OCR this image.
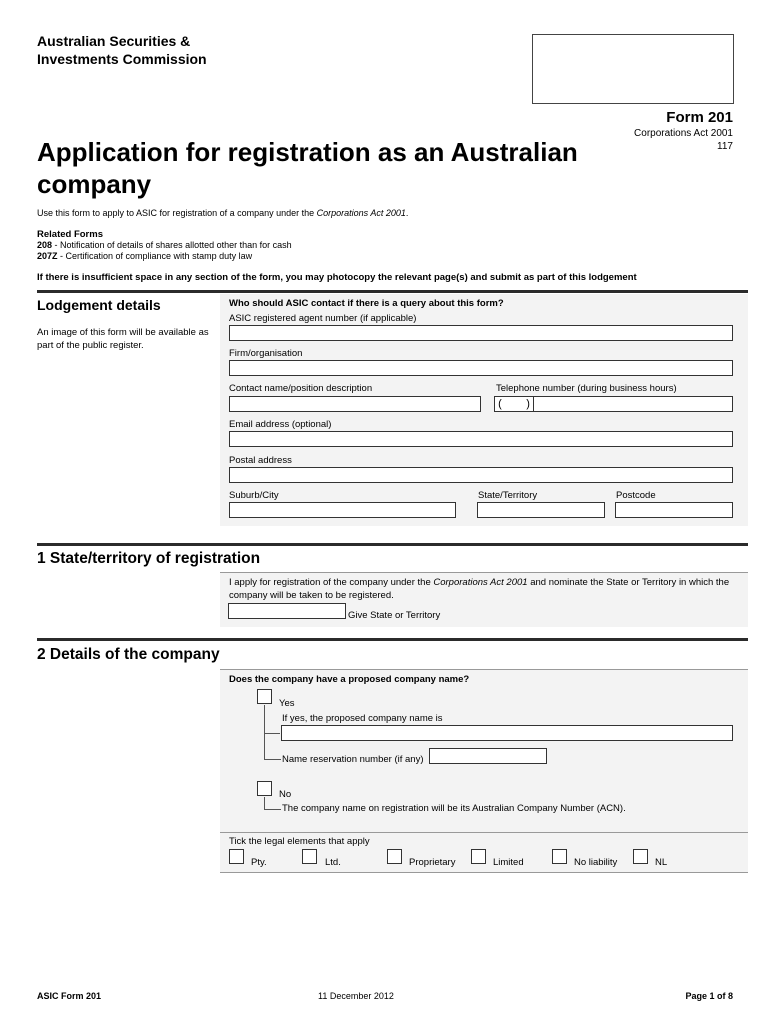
Australian Securities &
Investments Commission
Form 201
Corporations Act 2001
117
Application for registration as an Australian
company
Use this form to apply to ASIC for registration of a company under the Corporations Act 2001.
Related Forms
208 - Notification of details of shares allotted other than for cash
207Z - Certification of compliance with stamp duty law
If there is insufficient space in any section of the form, you may photocopy the relevant page(s) and submit as part of this lodgement
Lodgement details
An image of this form will be available as part of the public register.
Who should ASIC contact if there is a query about this form?
ASIC registered agent number (if applicable)
Firm/organisation
Contact name/position description	Telephone number (during business hours)
(        )
Email address (optional)
Postal address
Suburb/City	State/Territory	Postcode
1 State/territory of registration
I apply for registration of the company under the Corporations Act 2001 and nominate the State or Territory in which the company will be taken to be registered.
Give State or Territory
2 Details of the company
Does the company have a proposed company name?
Yes
If yes, the proposed company name is
Name reservation number (if any)
No
The company name on registration will be its Australian Company Number (ACN).
Tick the legal elements that apply
Pty.	Ltd.	Proprietary	Limited	No liability	NL
ASIC Form 201	11 December 2012	Page 1 of 8
